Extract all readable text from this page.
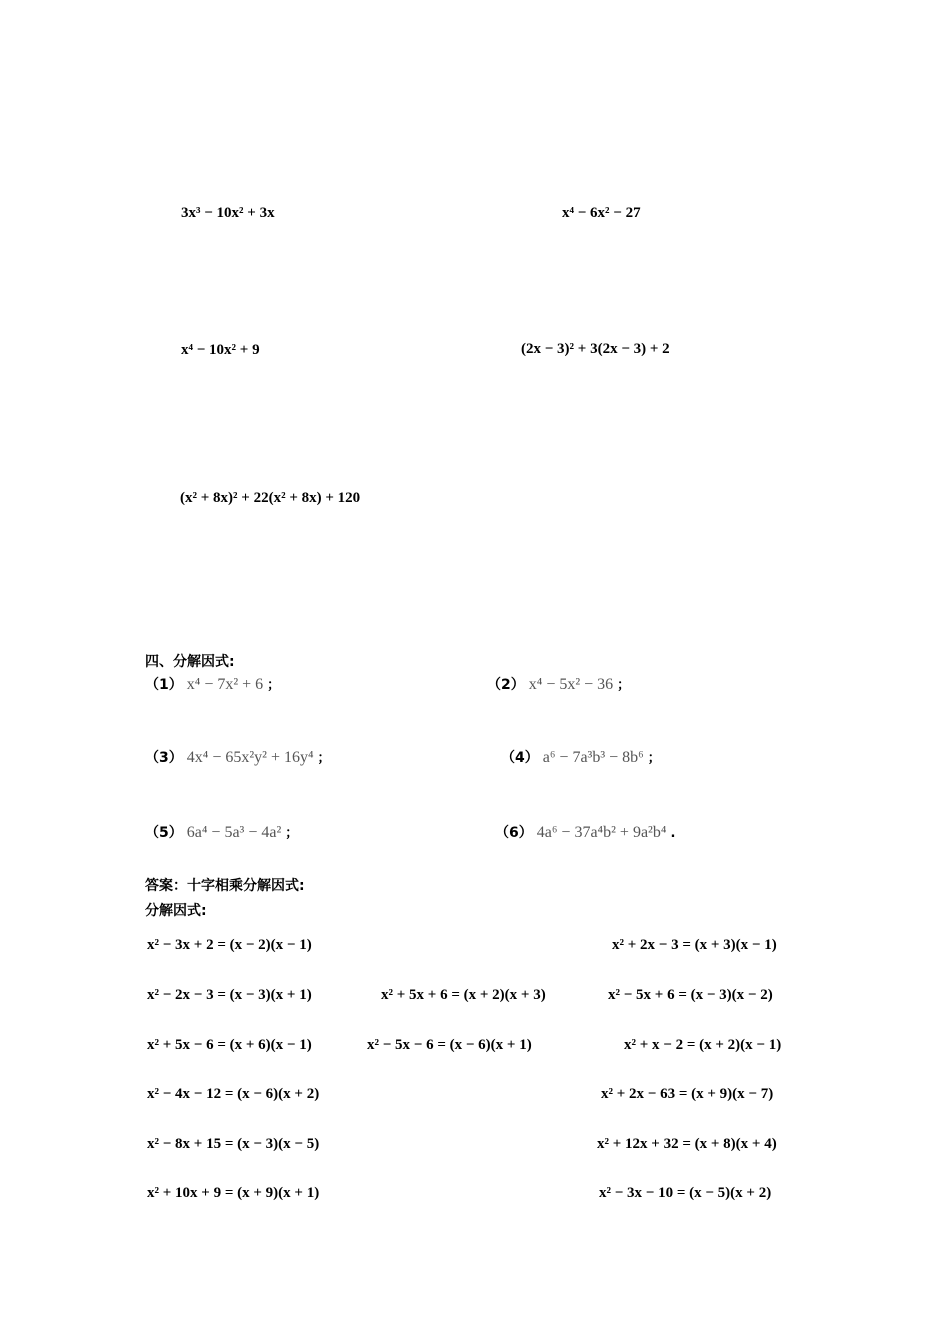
3x³ − 10x² + 3x	x⁴ − 6x² − 27
x⁴ − 10x² + 9	(2x − 3)² + 3(2x − 3) + 2
(x² + 8x)² + 22(x² + 8x) + 120
四、分解因式:
（1） x⁴ − 7x² + 6 ；	（2） x⁴ − 5x² − 36 ；
（3） 4x⁴ − 65x²y² + 16y⁴ ；	（4） a⁶ − 7a³b³ − 8b⁶ ；
（5） 6a⁴ − 5a³ − 4a² ；	（6） 4a⁶ − 37a⁴b² + 9a²b⁴ .
答案：十字相乘分解因式:
分解因式:
x² − 3x + 2 = (x − 2)(x − 1)	x² + 2x − 3 = (x + 3)(x − 1)
x² − 2x − 3 = (x − 3)(x + 1)	x² + 5x + 6 = (x + 2)(x + 3)	x² − 5x + 6 = (x − 3)(x − 2)
x² + 5x − 6 = (x + 6)(x − 1)	x² − 5x − 6 = (x − 6)(x + 1)	x² + x − 2 = (x + 2)(x − 1)
x² − 4x − 12 = (x − 6)(x + 2)	x² + 2x − 63 = (x + 9)(x − 7)
x² − 8x + 15 = (x − 3)(x − 5)	x² + 12x + 32 = (x + 8)(x + 4)
x² + 10x + 9 = (x + 9)(x + 1)	x² − 3x − 10 = (x − 5)(x + 2)
